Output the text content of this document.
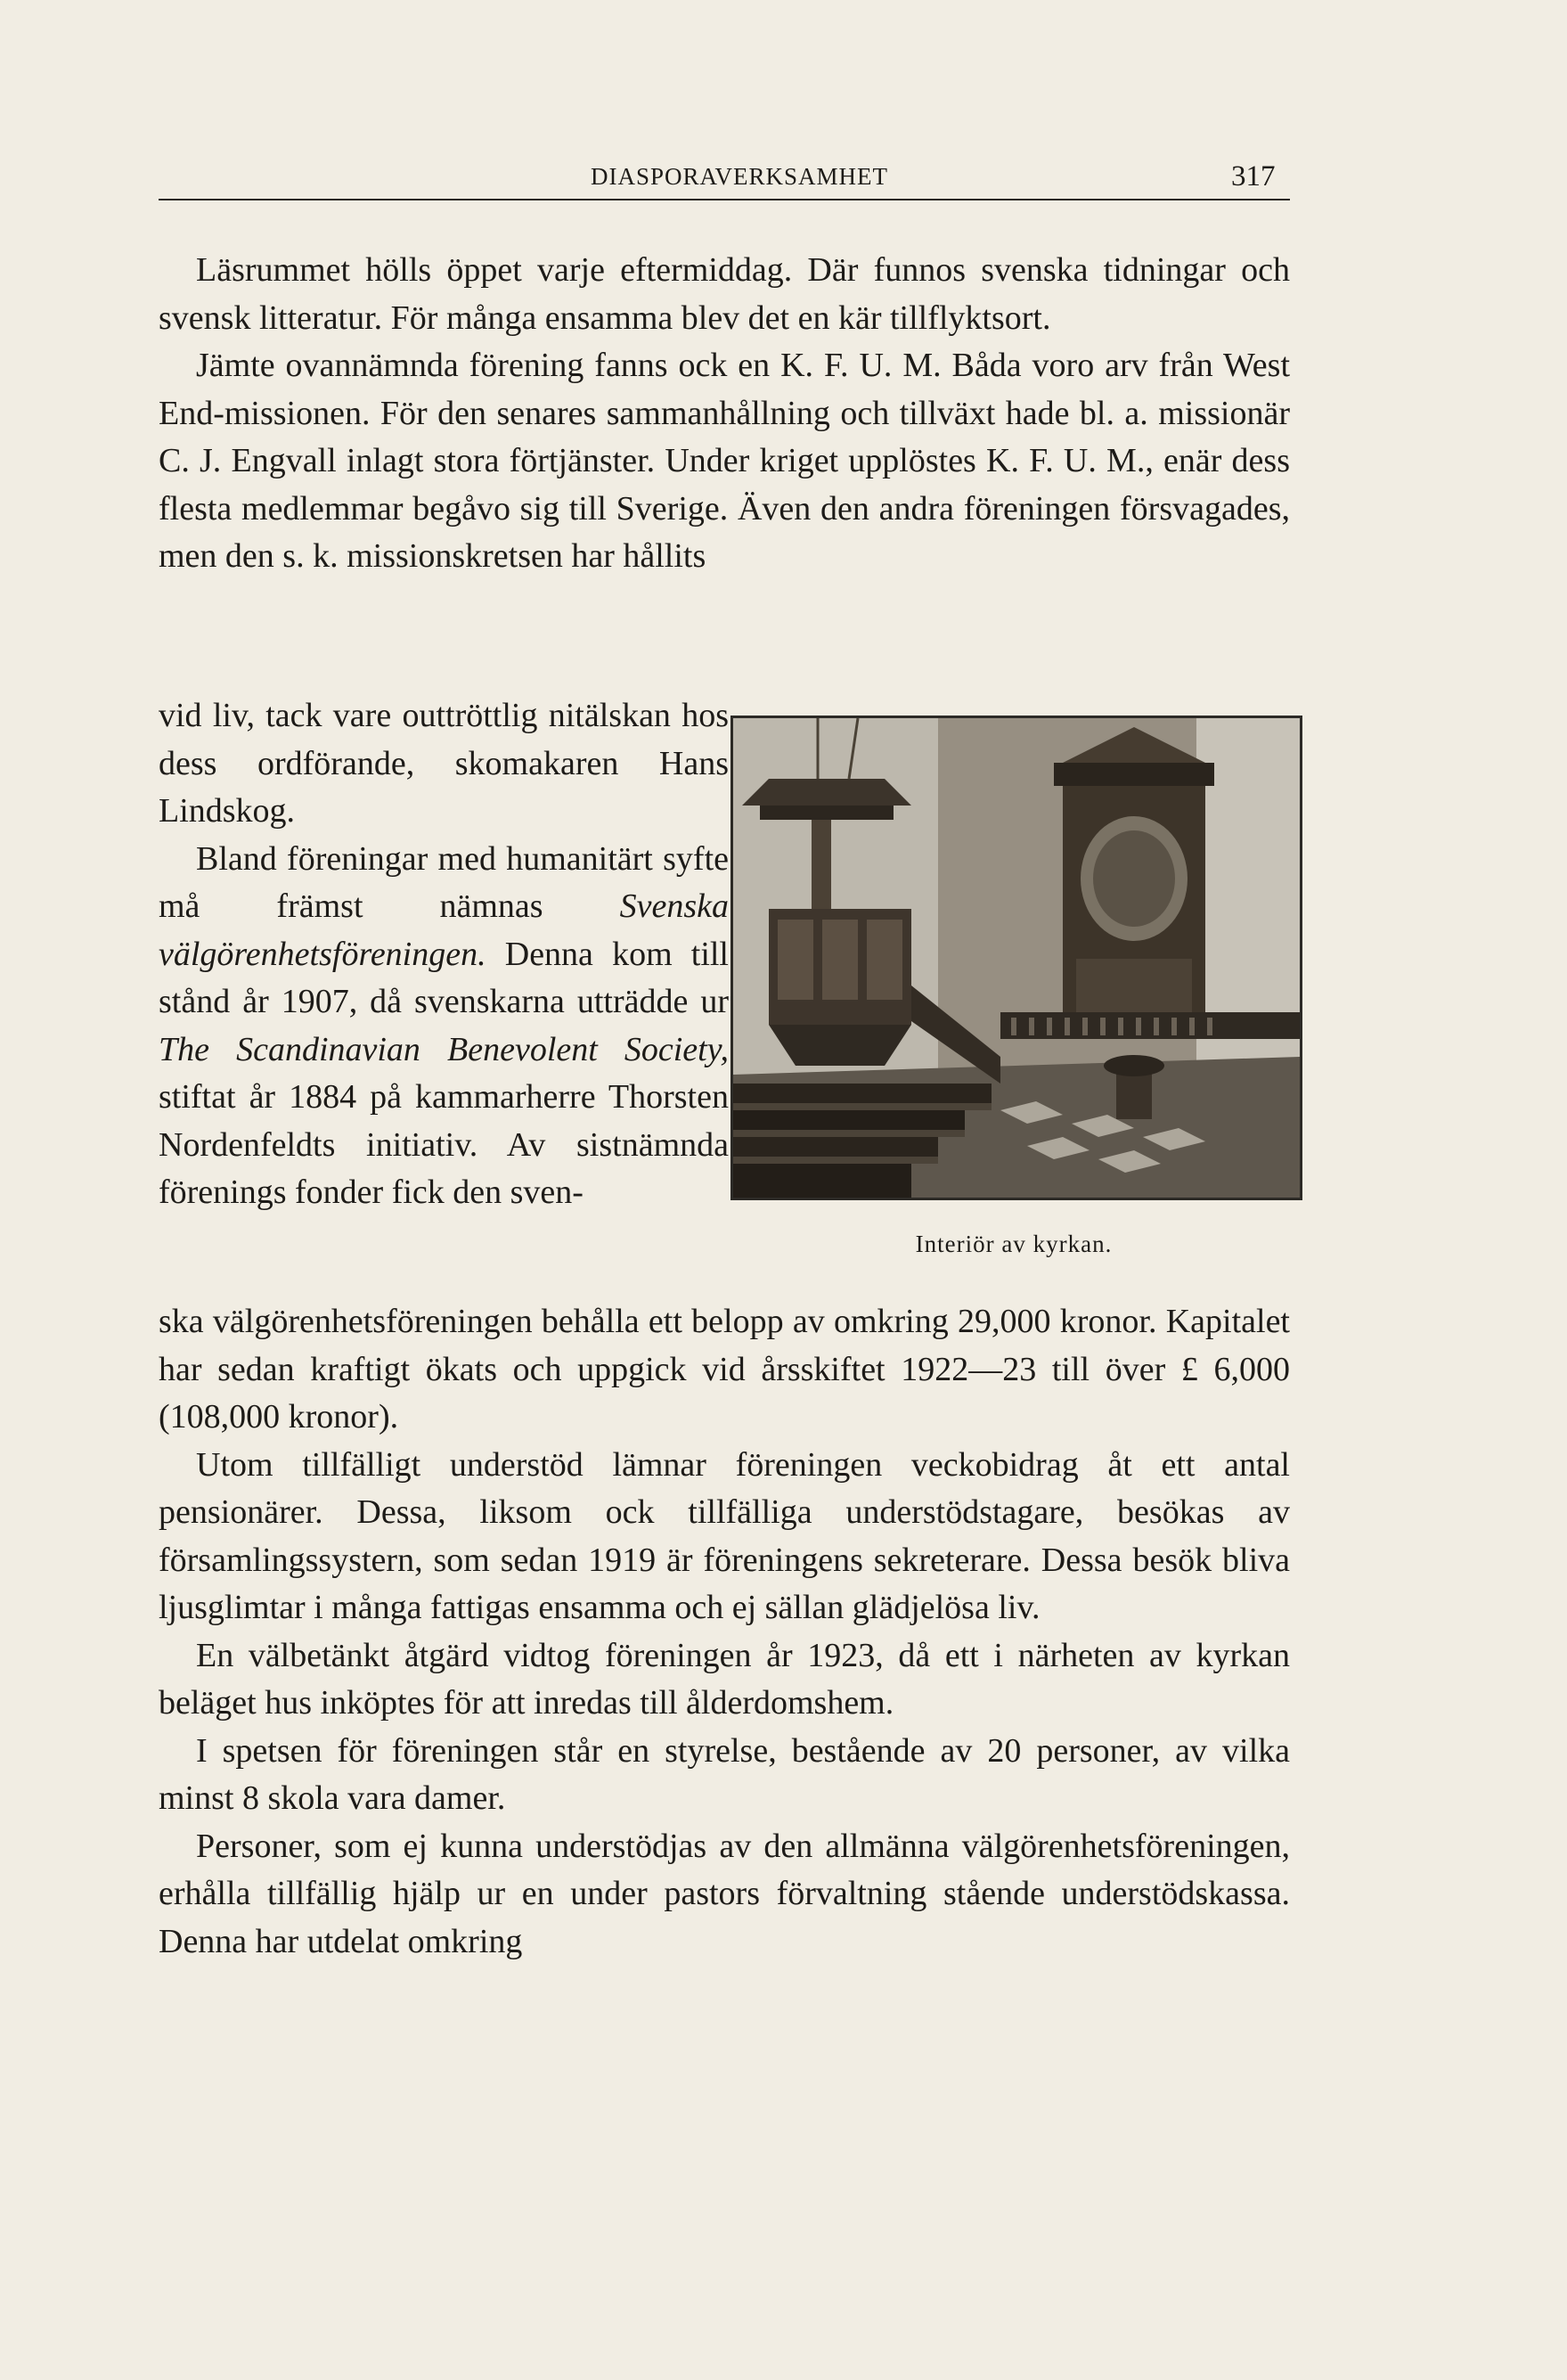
DIASPORAVERKSAMHET	317

Läsrummet hölls öppet varje eftermiddag. Där funnos svenska tidningar och svensk litteratur. För många ensamma blev det en kär tillflyktsort.

Jämte ovannämnda förening fanns ock en K. F. U. M. Båda voro arv från West End-missionen. För den senares sammanhållning och tillväxt hade bl. a. missionär C. J. Engvall inlagt stora förtjänster. Under kriget upplöstes K. F. U. M., enär dess flesta medlemmar begåvo sig till Sverige. Även den andra föreningen försvagades, men den s. k. missionskretsen har hållits

vid liv, tack vare outtröttlig nitälskan hos dess ordförande, skomakaren Hans Lindskog.

Bland föreningar med humanitärt syfte må främst nämnas Svenska välgörenhetsföreningen. Denna kom till stånd år 1907, då svenskarna utträdde ur The Scandinavian Benevolent Society, stiftat år 1884 på kammarherre Thorsten Nordenfeldts initiativ. Av sistnämnda förenings fonder fick den sven-

Interiör av kyrkan.

ska välgörenhetsföreningen behålla ett belopp av omkring 29,000 kronor. Kapitalet har sedan kraftigt ökats och uppgick vid årsskiftet 1922—23 till över £ 6,000 (108,000 kronor).

Utom tillfälligt understöd lämnar föreningen veckobidrag åt ett antal pensionärer. Dessa, liksom ock tillfälliga understödstagare, besökas av församlingssystern, som sedan 1919 är föreningens sekreterare. Dessa besök bliva ljusglimtar i många fattigas ensamma och ej sällan glädjelösa liv.

En välbetänkt åtgärd vidtog föreningen år 1923, då ett i närheten av kyrkan beläget hus inköptes för att inredas till ålderdomshem.

I spetsen för föreningen står en styrelse, bestående av 20 personer, av vilka minst 8 skola vara damer.

Personer, som ej kunna understödjas av den allmänna välgörenhetsföreningen, erhålla tillfällig hjälp ur en under pastors förvaltning stående understödskassa. Denna har utdelat omkring
